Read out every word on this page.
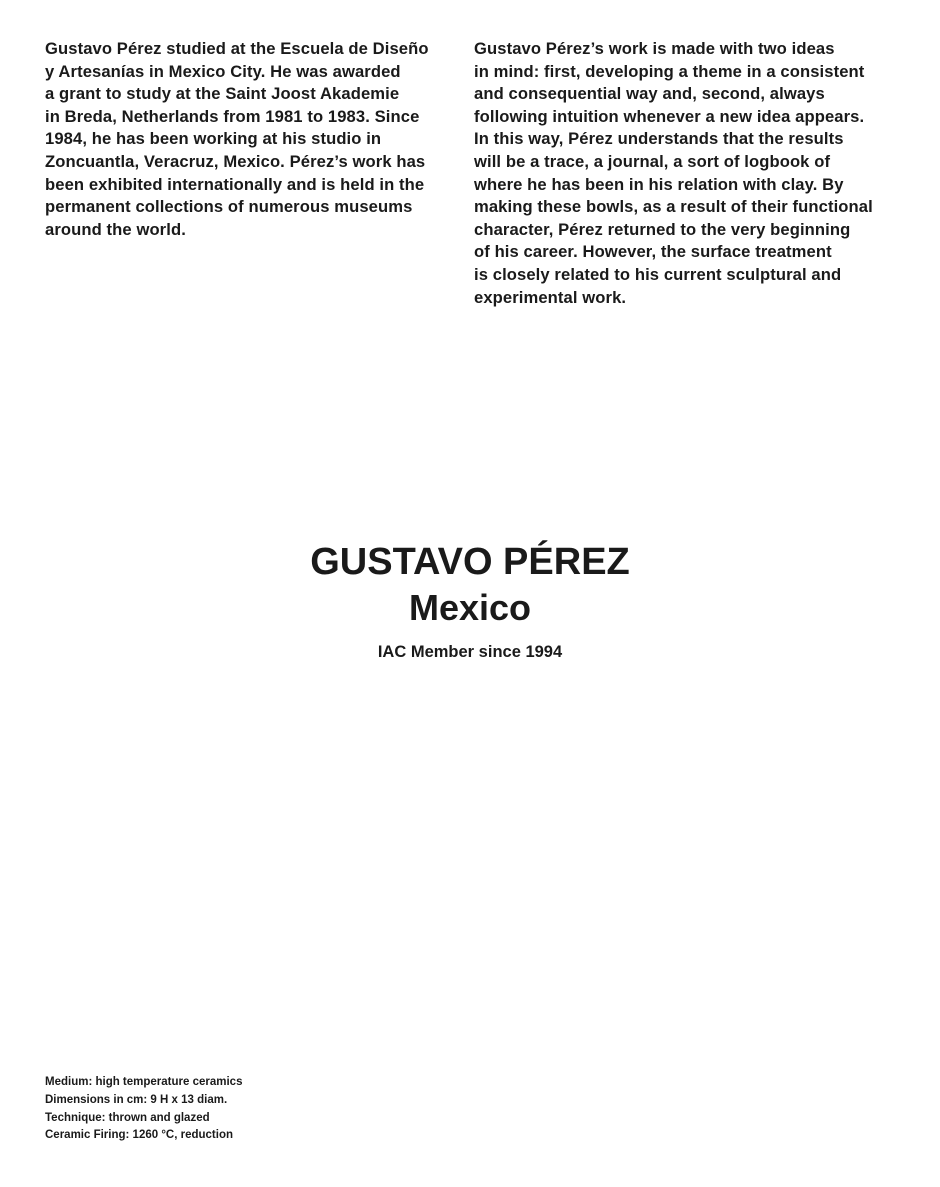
Gustavo Pérez studied at the Escuela de Diseño
y Artesanías in Mexico City. He was awarded
a grant to study at the Saint Joost Akademie
in Breda, Netherlands from 1981 to 1983. Since
1984, he has been working at his studio in
Zoncuantla, Veracruz, Mexico. Pérez’s work has
been exhibited internationally and is held in the
permanent collections of numerous museums
around the world.
Gustavo Pérez’s work is made with two ideas
in mind: first, developing a theme in a consistent
and consequential way and, second, always
following intuition whenever a new idea appears.
In this way, Pérez understands that the results
will be a trace, a journal, a sort of logbook of
where he has been in his relation with clay. By
making these bowls, as a result of their functional
character, Pérez returned to the very beginning
of his career. However, the surface treatment
is closely related to his current sculptural and
experimental work.
GUSTAVO PÉREZ
Mexico
IAC Member since 1994
Medium: high temperature ceramics
Dimensions in cm: 9 H x 13 diam.
Technique: thrown and glazed
Ceramic Firing: 1260 °C, reduction
